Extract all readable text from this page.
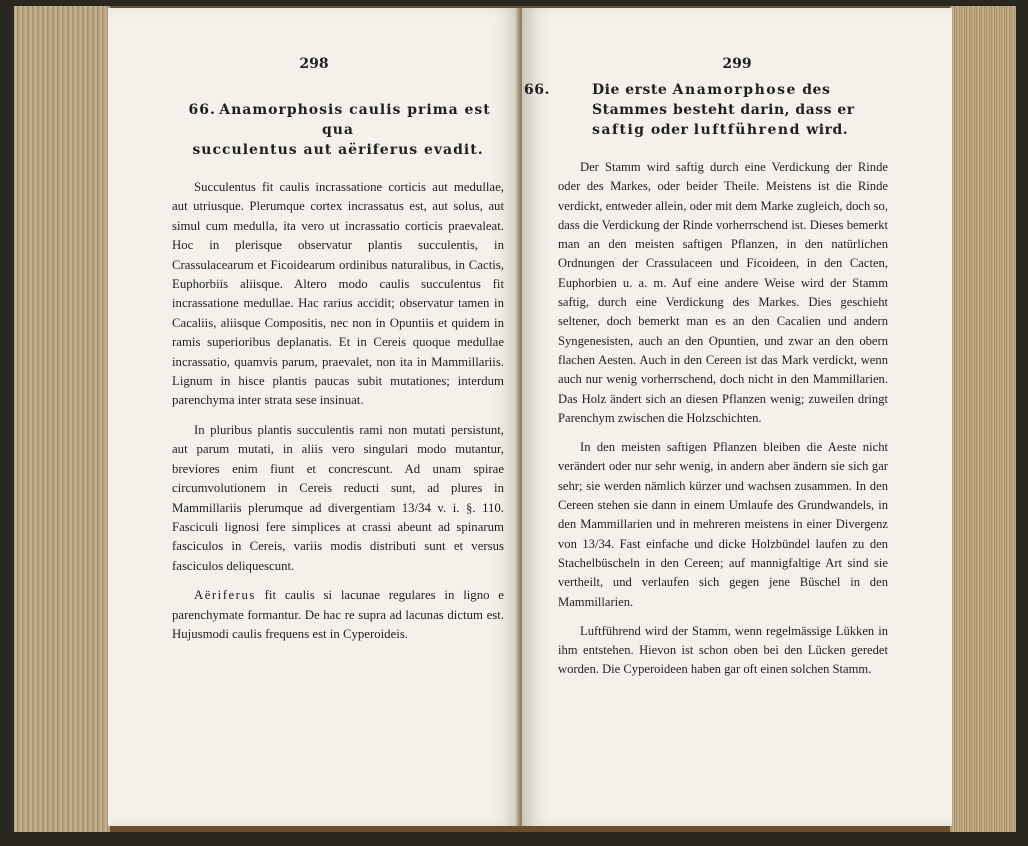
298
66. Anamorphosis caulis prima est qua
succulentus aut aëriferus evadit.

Succulentus fit caulis incrassatione corticis aut medullae, aut utriusque. Plerumque cortex incrassatus est, aut solus, aut simul cum medulla, ita vero ut incrassatio corticis praevaleat. Hoc in plerisque observatur plantis succulentis, in Crassulacearum et Ficoidearum ordinibus naturalibus, in Cactis, Euphorbiis aliisque. Altero modo caulis succulentus fit incrassatione medullae. Hac rarius accidit; observatur tamen in Cacaliis, aliisque Compositis, nec non in Opuntiis et quidem in ramis superioribus deplanatis. Et in Cereis quoque medullae incrassatio, quamvis parum, praevalet, non ita in Mammillariis. Lignum in hisce plantis paucas subit mutationes; interdum parenchyma inter strata sese insinuat.

In pluribus plantis succulentis rami non mutati persistunt, aut parum mutati, in aliis vero singulari modo mutantur, breviores enim fiunt et concrescunt. Ad unam spirae circumvolutionem in Cereis reducti sunt, ad plures in Mammillariis plerumque ad divergentiam 13/34 v. i. §. 110. Fasciculi lignosi fere simplices at crassi abeunt ad spinarum fasciculos in Cereis, variis modis distributi sunt et versus fasciculos deliquescunt.

Aëriferus fit caulis si lacunae regulares in ligno e parenchymate formantur. De hac re supra ad lacunas dictum est. Hujusmodi caulis frequens est in Cyperoideis.

299
66.	Die erste Anamorphose des Stammes besteht darin, dass er saftig oder luftführend wird.

Der Stamm wird saftig durch eine Verdickung der Rinde oder des Markes, oder beider Theile. Meistens ist die Rinde verdickt, entweder allein, oder mit dem Marke zugleich, doch so, dass die Verdickung der Rinde vorherrschend ist. Dieses bemerkt man an den meisten saftigen Pflanzen, in den natürlichen Ordnungen der Crassulaceen und Ficoideen, in den Cacten, Euphorbien u. a. m. Auf eine andere Weise wird der Stamm saftig, durch eine Verdickung des Markes. Dies geschieht seltener, doch bemerkt man es an den Cacalien und andern Syngenesisten, auch an den Opuntien, und zwar an den obern flachen Aesten. Auch in den Cereen ist das Mark verdickt, wenn auch nur wenig vorherrschend, doch nicht in den Mammillarien. Das Holz ändert sich an diesen Pflanzen wenig; zuweilen dringt Parenchym zwischen die Holzschichten.

In den meisten saftigen Pflanzen bleiben die Aeste nicht verändert oder nur sehr wenig, in andern aber ändern sie sich gar sehr; sie werden nämlich kürzer und wachsen zusammen. In den Cereen stehen sie dann in einem Umlaufe des Grundwandels, in den Mammillarien und in mehreren meistens in einer Divergenz von 13/34. Fast einfache und dicke Holzbündel laufen zu den Stachelbüscheln in den Cereen; auf mannigfaltige Art sind sie vertheilt, und verlaufen sich gegen jene Büschel in den Mammillarien.

Luftführend wird der Stamm, wenn regelmässige Lükken in ihm entstehen. Hievon ist schon oben bei den Lücken geredet worden. Die Cyperoideen haben gar oft einen solchen Stamm.
